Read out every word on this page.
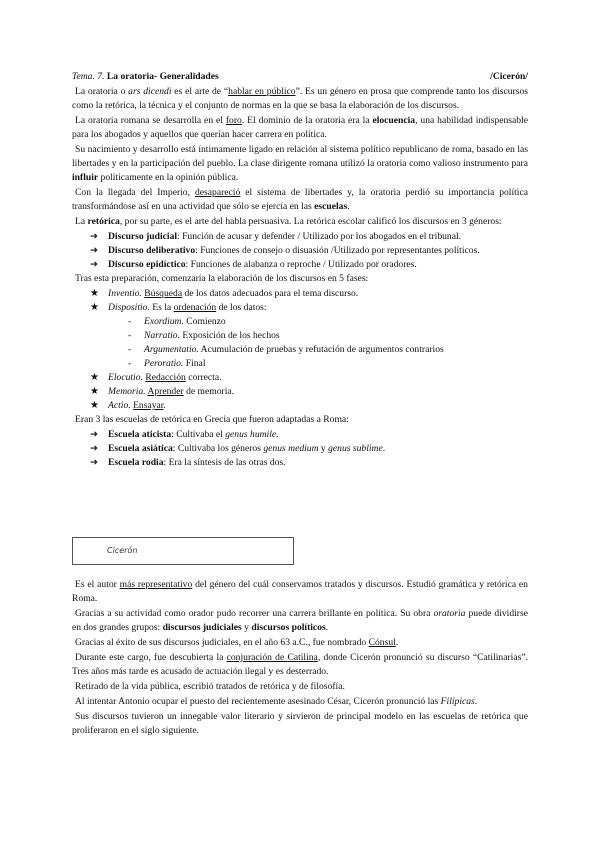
Tema. 7. La oratoria- Generalidades	/Cicerón/

La oratoria o ars dicendi es el arte de “hablar en público”. Es un género en prosa que comprende tanto los discursos como la retórica, la técnica y el conjunto de normas en la que se basa la elaboración de los discursos.

La oratoria romana se desarrolla en el foro. El dominio de la oratoria era la elocuencia, una habilidad indispensable para los abogados y aquellos que querían hacer carrera en política.

Su nacimiento y desarrollo está íntimamente ligado en relación al sistema político republicano de roma, basado en las libertades y en la participación del pueblo. La clase dirigente romana utilizó la oratoria como valioso instrumento para influir políticamente en la opinión pública.

Con la llegada del Imperio, desapareció el sistema de libertades y, la oratoria perdió su importancia política transformándose así en una actividad que sólo se ejercía en las escuelas.

La retórica, por su parte, es el arte del habla persuasiva. La retórica escolar calificó los discursos en 3 géneros:

➔ Discurso judicial: Función de acusar y defender / Utilizado por los abogados en el tribunal.
➔ Discurso deliberativo: Funciones de consejo o disuasión /Utilizado por representantes políticos.
➔ Discurso epidíctico: Funciones de alabanza o reproche / Utilizado por oradores.

Tras esta preparación, comenzaría la elaboración de los discursos en 5 fases:

★ Inventio. Búsqueda de los datos adecuados para el tema discurso.
★ Dispositio. Es la ordenación de los datos:
- Exordium. Comienzo
- Narratio. Exposición de los hechos
- Argumentatio. Acumulación de pruebas y refutación de argumentos contrarios
- Peroratio. Final
★ Elocutio. Redacción correcta.
★ Memoria. Aprender de memoria.
★ Actio. Ensayar.

Eran 3 las escuelas de retórica en Grecia que fueron adaptadas a Roma:

➔ Escuela aticista: Cultivaba el genus humile.
➔ Escuela asiática: Cultivaba los géneros genus medium y genus sublime.
➔ Escuela rodia: Era la síntesis de las otras dos.
Cicerón

Es el autor más representativo del género del cuál conservamos tratados y discursos. Estudió gramática y retórica en Roma.

Gracias a su actividad como orador pudo recorrer una carrera brillante en política. Su obra oratoria puede dividirse en dos grandes grupos: discursos judiciales y discursos políticos.

Gracias al éxito de sus discursos judiciales, en el año 63 a.C., fue nombrado Cónsul.

Durante este cargo, fue descubierta la conjuración de Catilina, donde Cicerón pronunció su discurso “Catilinarias”. Tres años más tarde es acusado de actuación ilegal y es desterrado.

Retirado de la vida pública, escribió tratados de retórica y de filosofía.

Al intentar Antonio ocupar el puesto del recientemente asesinado César, Cicerón pronunció las Filípicas.

Sus discursos tuvieron un innegable valor literario y sirvieron de principal modelo en las escuelas de retórica que proliferaron en el siglo siguiente.
